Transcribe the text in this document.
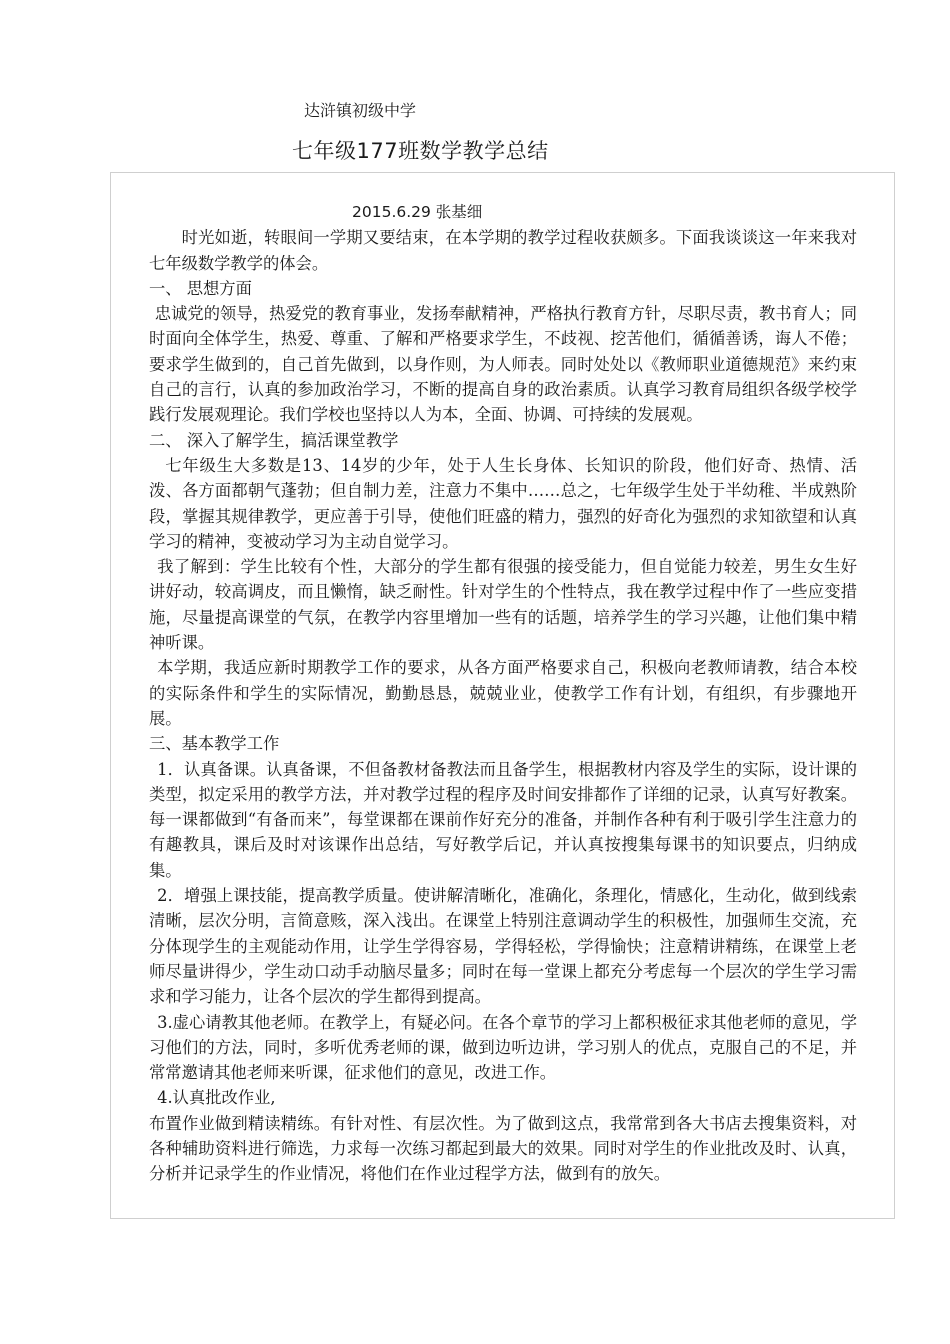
达浒镇初级中学
七年级177班数学教学总结

2015.6.29 张基细

时光如逝，转眼间一学期又要结束，在本学期的教学过程收获颇多。下面我谈谈这一年来我对七年级数学教学的体会。

一、 思想方面

忠诚党的领导，热爱党的教育事业，发扬奉献精神，严格执行教育方针，尽职尽责，教书育人；同时面向全体学生，热爱、尊重、了解和严格要求学生，不歧视、挖苦他们，循循善诱，诲人不倦；要求学生做到的，自己首先做到，以身作则，为人师表。同时处处以《教师职业道德规范》来约束自己的言行，认真的参加政治学习，不断的提高自身的政治素质。认真学习教育局组织各级学校学践行发展观理论。我们学校也坚持以人为本，全面、协调、可持续的发展观。

二、 深入了解学生，搞活课堂教学

七年级生大多数是13、14岁的少年，处于人生长身体、长知识的阶段，他们好奇、热情、活泼、各方面都朝气蓬勃；但自制力差，注意力不集中……总之，七年级学生处于半幼稚、半成熟阶段，掌握其规律教学，更应善于引导，使他们旺盛的精力，强烈的好奇化为强烈的求知欲望和认真学习的精神，变被动学习为主动自觉学习。

我了解到：学生比较有个性，大部分的学生都有很强的接受能力，但自觉能力较差，男生女生好讲好动，较高调皮，而且懒惰，缺乏耐性。针对学生的个性特点，我在教学过程中作了一些应变措施，尽量提高课堂的气氛，在教学内容里增加一些有的话题，培养学生的学习兴趣，让他们集中精神听课。

本学期，我适应新时期教学工作的要求，从各方面严格要求自己，积极向老教师请教，结合本校的实际条件和学生的实际情况，勤勤恳恳，兢兢业业，使教学工作有计划，有组织，有步骤地开展。

三、基本教学工作

1．认真备课。认真备课，不但备教材备教法而且备学生，根据教材内容及学生的实际，设计课的类型，拟定采用的教学方法，并对教学过程的程序及时间安排都作了详细的记录，认真写好教案。每一课都做到“有备而来”，每堂课都在课前作好充分的准备，并制作各种有利于吸引学生注意力的有趣教具，课后及时对该课作出总结，写好教学后记，并认真按搜集每课书的知识要点，归纳成集。

2．增强上课技能，提高教学质量。使讲解清晰化，准确化，条理化，情感化，生动化，做到线索清晰，层次分明，言简意赅，深入浅出。在课堂上特别注意调动学生的积极性，加强师生交流，充分体现学生的主观能动作用，让学生学得容易，学得轻松，学得愉快；注意精讲精练，在课堂上老师尽量讲得少，学生动口动手动脑尽量多；同时在每一堂课上都充分考虑每一个层次的学生学习需求和学习能力，让各个层次的学生都得到提高。

3.虚心请教其他老师。在教学上，有疑必问。在各个章节的学习上都积极征求其他老师的意见，学习他们的方法，同时，多听优秀老师的课，做到边听边讲，学习别人的优点，克服自己的不足，并常常邀请其他老师来听课，征求他们的意见，改进工作。

4.认真批改作业,

布置作业做到精读精练。有针对性、有层次性。为了做到这点，我常常到各大书店去搜集资料，对各种辅助资料进行筛选，力求每一次练习都起到最大的效果。同时对学生的作业批改及时、认真，分析并记录学生的作业情况，将他们在作业过程学方法，做到有的放矢。
